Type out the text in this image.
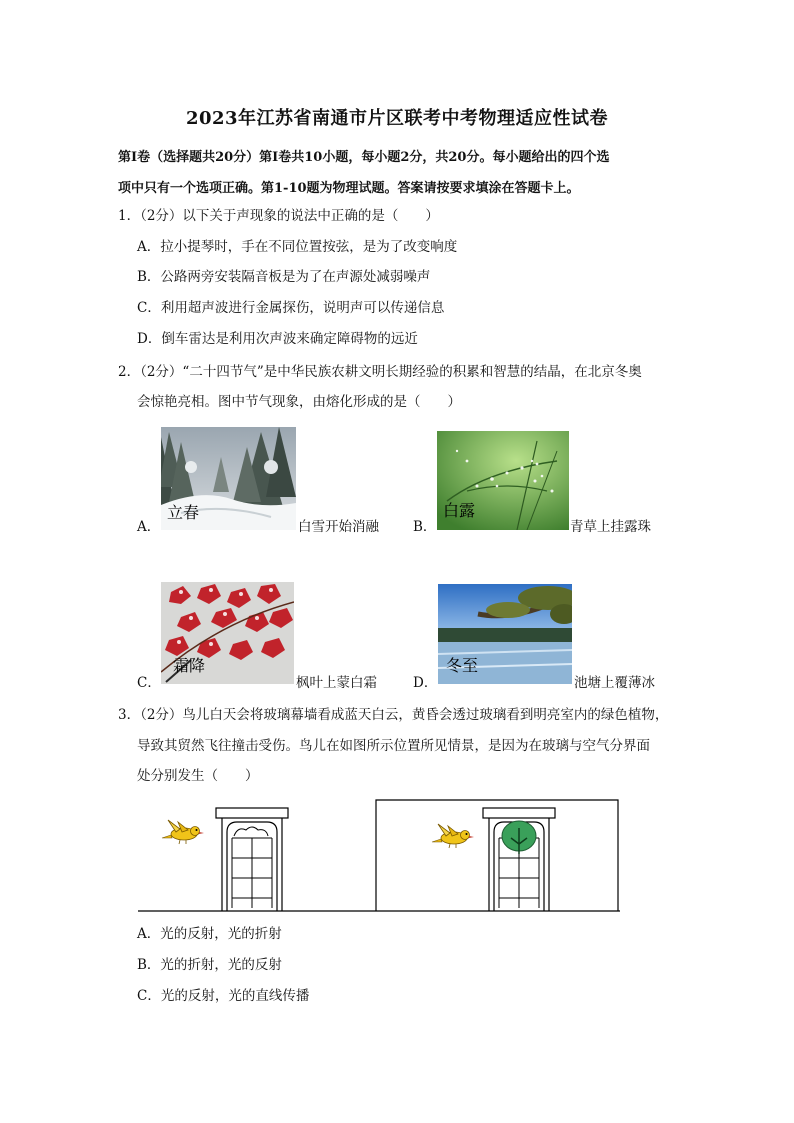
2023年江苏省南通市片区联考中考物理适应性试卷
第I卷（选择题共20分）第I卷共10小题，每小题2分，共20分。每小题给出的四个选
项中只有一个选项正确。第1-10题为物理试题。答案请按要求填涂在答题卡上。
1．（2分）以下关于声现象的说法中正确的是（　　）
A．拉小提琴时，手在不同位置按弦，是为了改变响度
B．公路两旁安装隔音板是为了在声源处减弱噪声
C．利用超声波进行金属探伤，说明声可以传递信息
D．倒车雷达是利用次声波来确定障碍物的远近
2．（2分）“二十四节气”是中华民族农耕文明长期经验的积累和智慧的结晶，在北京冬奥
会惊艳亮相。图中节气现象，由熔化形成的是（　　）
A．
立春
白雪开始消融	B．
白露
青草上挂露珠
C．
霜降
枫叶上蒙白霜	D．
冬至
池塘上覆薄冰
3．（2分）鸟儿白天会将玻璃幕墙看成蓝天白云，黄昏会透过玻璃看到明亮室内的绿色植物，
导致其贸然飞往撞击受伤。鸟儿在如图所示位置所见情景，是因为在玻璃与空气分界面
处分别发生（　　）
A．光的反射，光的折射
B．光的折射，光的反射
C．光的反射，光的直线传播
